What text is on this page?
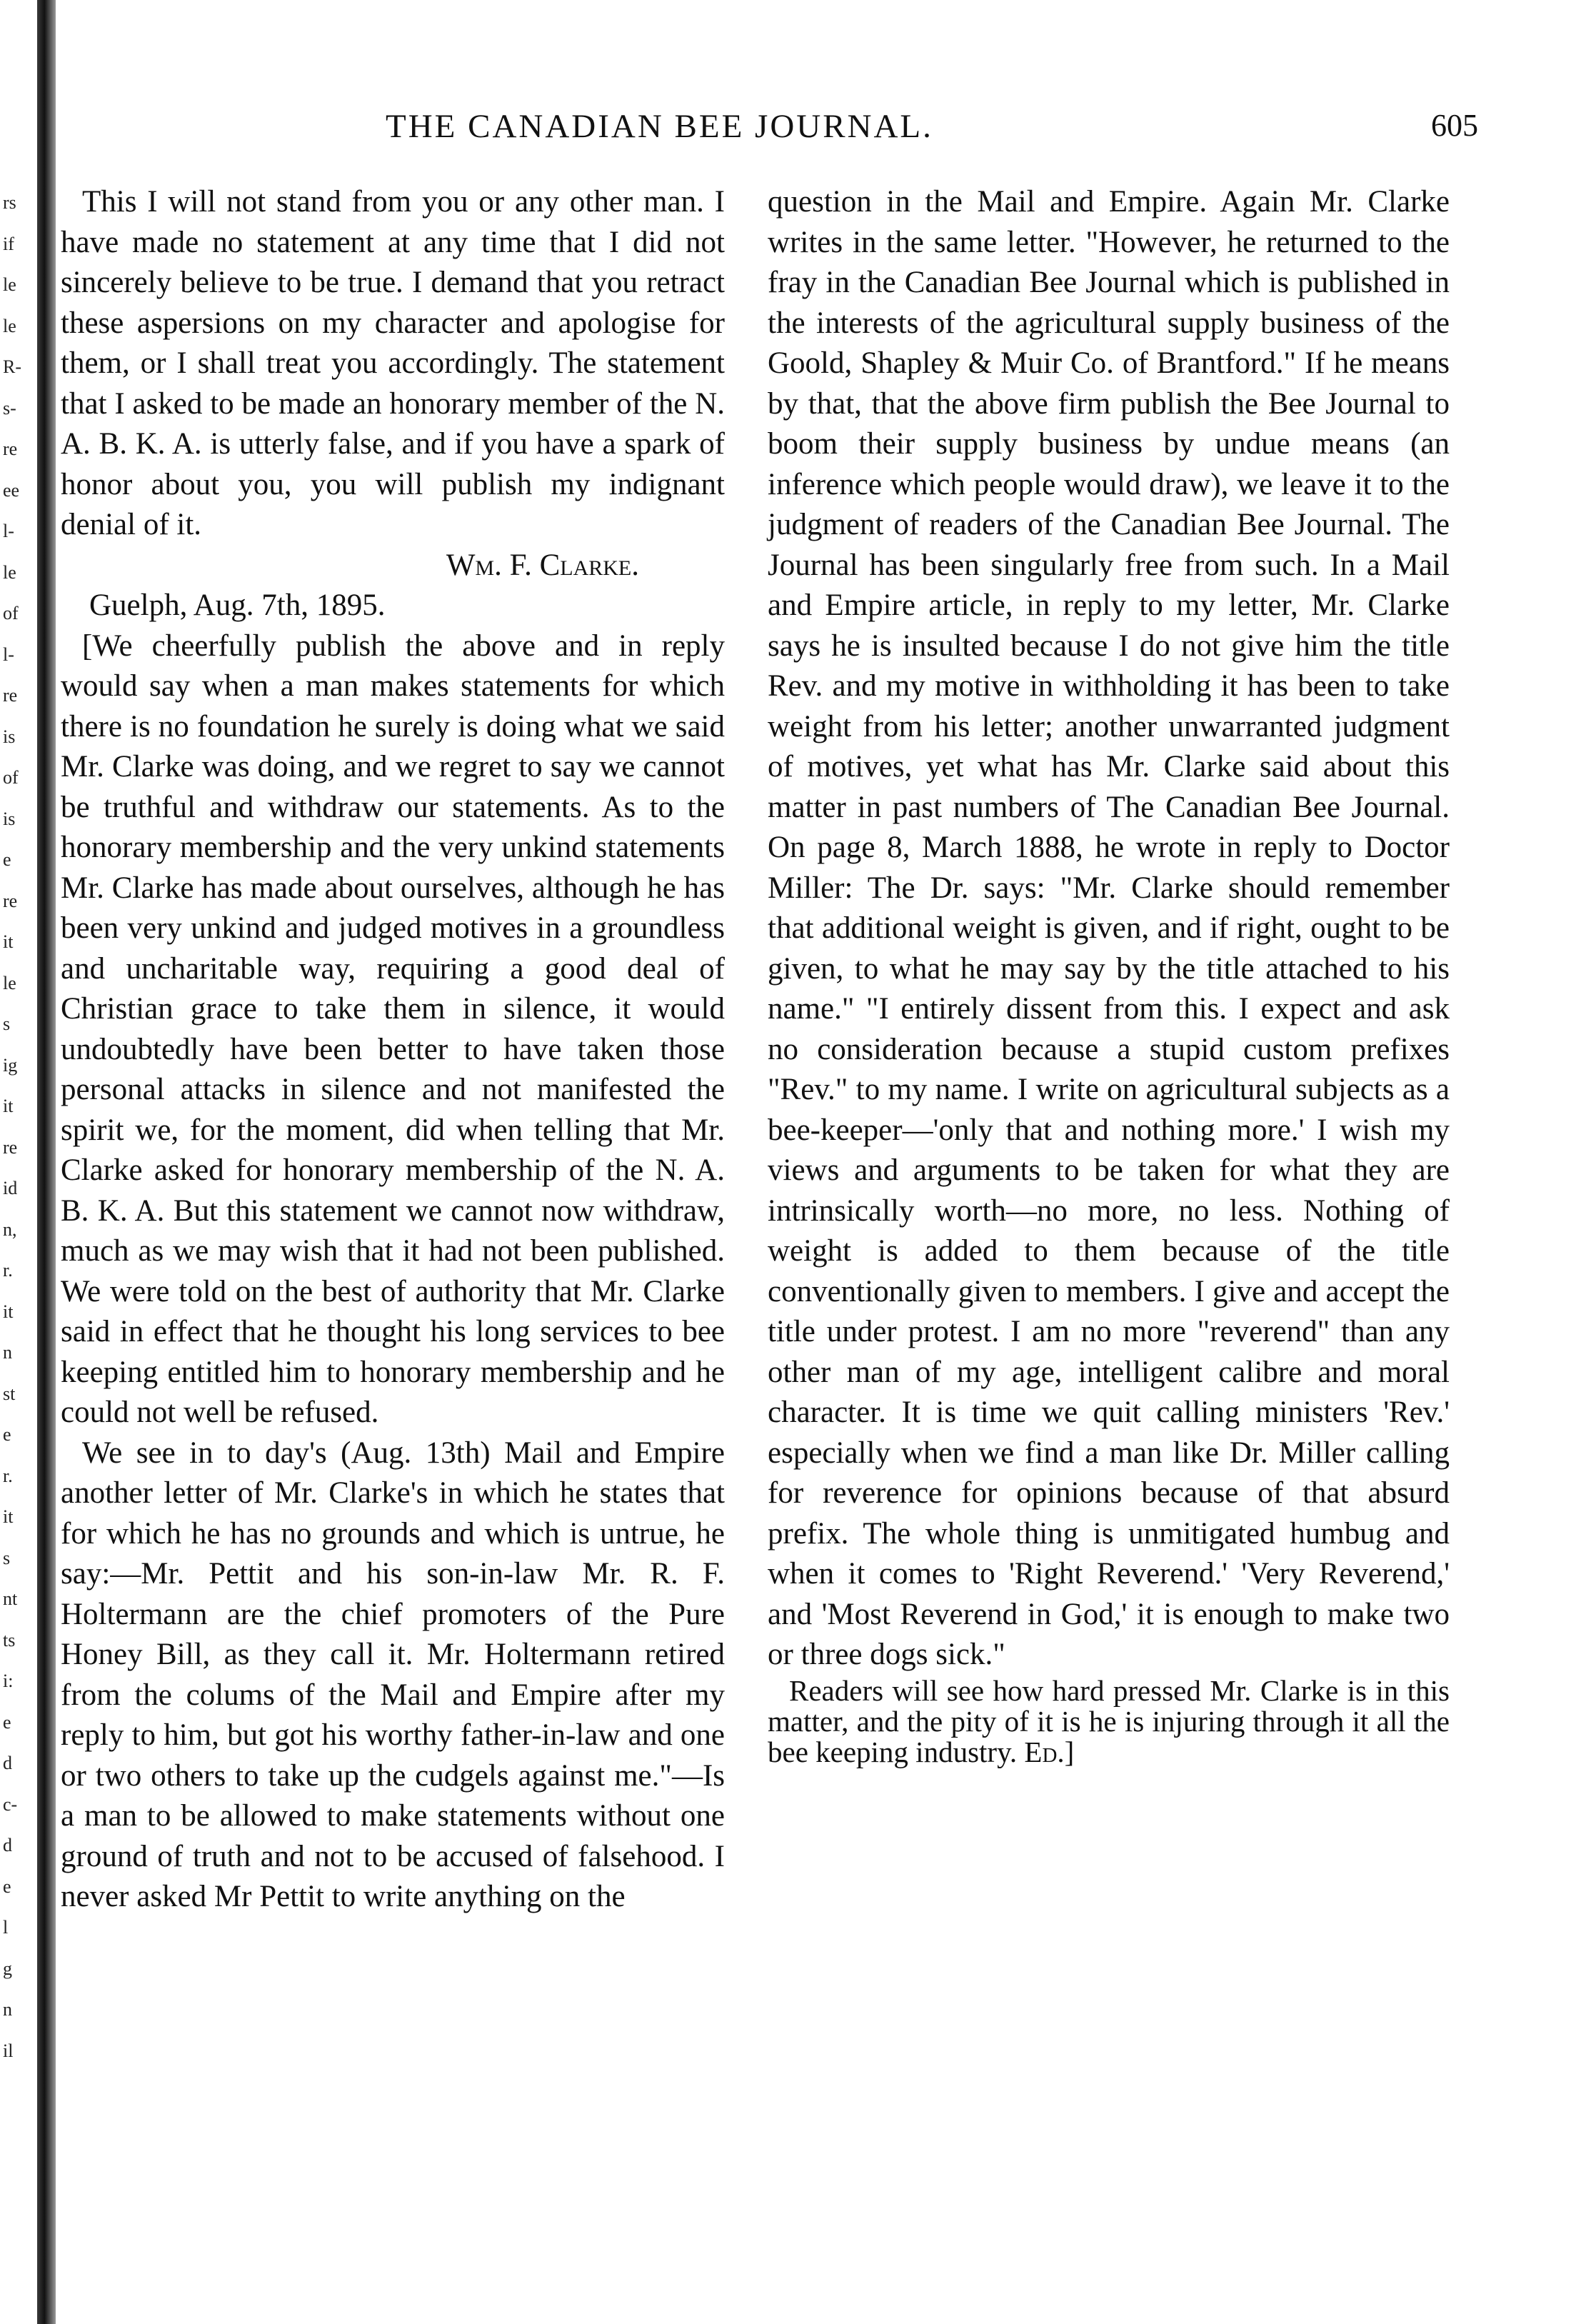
rs
if
le
le
R-
s-
re
ee
l-
le
of
l-
re
is
of
is
e
re
it
le
s
ig
it
re
id
n,
r.
it
n
st
e
r.
it
s
nt
ts
i:
e
d
c-
d
e
l
g
n
il
THE CANADIAN BEE JOURNAL.	605

This I will not stand from you or any other man. I have made no statement at any time that I did not sincerely believe to be true. I demand that you retract these aspersions on my character and apologise for them, or I shall treat you accordingly. The statement that I asked to be made an honorary member of the N. A. B. K. A. is utterly false, and if you have a spark of honor about you, you will publish my indignant denial of it.

Wm. F. Clarke.

Guelph, Aug. 7th, 1895.

[We cheerfully publish the above and in reply would say when a man makes statements for which there is no foundation he surely is doing what we said Mr. Clarke was doing, and we regret to say we cannot be truthful and withdraw our statements. As to the honorary membership and the very unkind statements Mr. Clarke has made about ourselves, although he has been very unkind and judged motives in a groundless and uncharitable way, requiring a good deal of Christian grace to take them in silence, it would undoubtedly have been better to have taken those personal attacks in silence and not manifested the spirit we, for the moment, did when telling that Mr. Clarke asked for honorary membership of the N. A. B. K. A. But this statement we cannot now withdraw, much as we may wish that it had not been published. We were told on the best of authority that Mr. Clarke said in effect that he thought his long services to bee keeping entitled him to honorary membership and he could not well be refused.

We see in to day's (Aug. 13th) Mail and Empire another letter of Mr. Clarke's in which he states that for which he has no grounds and which is untrue, he say:—Mr. Pettit and his son-in-law Mr. R. F. Holtermann are the chief promoters of the Pure Honey Bill, as they call it. Mr. Holtermann retired from the colums of the Mail and Empire after my reply to him, but got his worthy father-in-law and one or two others to take up the cudgels against me."—Is a man to be allowed to make statements without one ground of truth and not to be accused of falsehood. I never asked Mr Pettit to write anything on the

question in the Mail and Empire. Again Mr. Clarke writes in the same letter. "However, he returned to the fray in the Canadian Bee Journal which is published in the interests of the agricultural supply business of the Goold, Shapley & Muir Co. of Brantford." If he means by that, that the above firm publish the Bee Journal to boom their supply business by undue means (an inference which people would draw), we leave it to the judgment of readers of the Canadian Bee Journal. The Journal has been singularly free from such. In a Mail and Empire article, in reply to my letter, Mr. Clarke says he is insulted because I do not give him the title Rev. and my motive in withholding it has been to take weight from his letter; another unwarranted judgment of motives, yet what has Mr. Clarke said about this matter in past numbers of The Canadian Bee Journal. On page 8, March 1888, he wrote in reply to Doctor Miller: The Dr. says: "Mr. Clarke should remember that additional weight is given, and if right, ought to be given, to what he may say by the title attached to his name." "I entirely dissent from this. I expect and ask no consideration because a stupid custom prefixes "Rev." to my name. I write on agricultural subjects as a bee-keeper—'only that and nothing more.' I wish my views and arguments to be taken for what they are intrinsically worth—no more, no less. Nothing of weight is added to them because of the title conventionally given to members. I give and accept the title under protest. I am no more "reverend" than any other man of my age, intelligent calibre and moral character. It is time we quit calling ministers 'Rev.' especially when we find a man like Dr. Miller calling for reverence for opinions because of that absurd prefix. The whole thing is unmitigated humbug and when it comes to 'Right Reverend.' 'Very Reverend,' and 'Most Reverend in God,' it is enough to make two or three dogs sick."

Readers will see how hard pressed Mr. Clarke is in this matter, and the pity of it is he is injuring through it all the bee keeping industry. Ed.]
